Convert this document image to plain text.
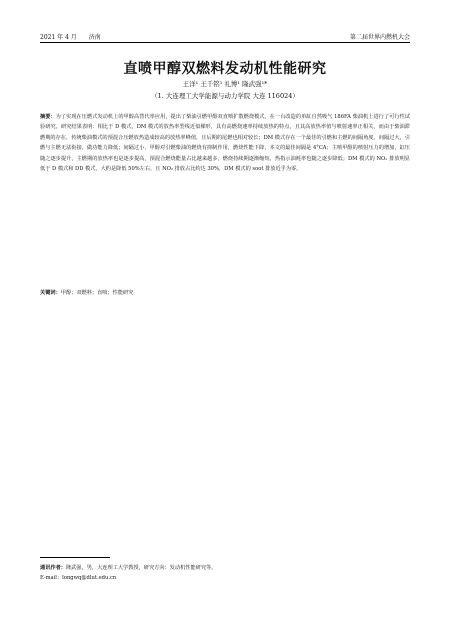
2021 年 4 月 济南	第二届世界内燃机大会
直喷甲醇双燃料发动机性能研究
王洋¹ 王千铭¹ 礼博¹ 隆武强¹*
（1. 大连理工大学能源与动力学院 大连 116024）
摘要：为了实现在压燃式发动机上的甲醇高替代率应用，提出了柴油引燃甲醇双直喷扩散燃烧模式，在一台改造的单缸自然吸气 186FA 柴油机上进行了可行性试验研究。研究结果表明：相比于 D 模式，DM 模式的放热率型线近似梯形，具有高燃烧速率持续放热的特点，且其高放热率值与喷射速率正相关，而由于柴油滞燃期的存在，传统柴油模式的预混合压燃放热造成较高的放热率峰值，且后期的尾燃也相对较长；DM 模式存在一个最佳的引燃和主燃的间隔角度，间隔过大，引燃与主燃无法衔接，做功能力降低；间隔过小，甲醇对引燃柴油的燃烧有抑制作用，燃烧性能下降，本文的最佳间隔是 4°CA；主喷甲醇的喷射压力的增加，缸压随之逐步提升，主燃期的放热率也是逐步提高，预混合燃烧能量占比越来越多，燃烧持续期逐渐缩短，热指示油耗率也随之逐步降低；DM 模式的 NOₓ 排放明显低于 D 模式和 DD 模式，大约是降低 50%左右，且 NO₂ 排放占比约达 30%，DM 模式的 soot 排放近乎为零。
关键词：甲醇；双燃料；直喷；性能研究
通讯作者：隆武强，男，大连理工大学教授，研究方向：发动机性能研究等。
E-mail：longwq@dlut.edu.cn
